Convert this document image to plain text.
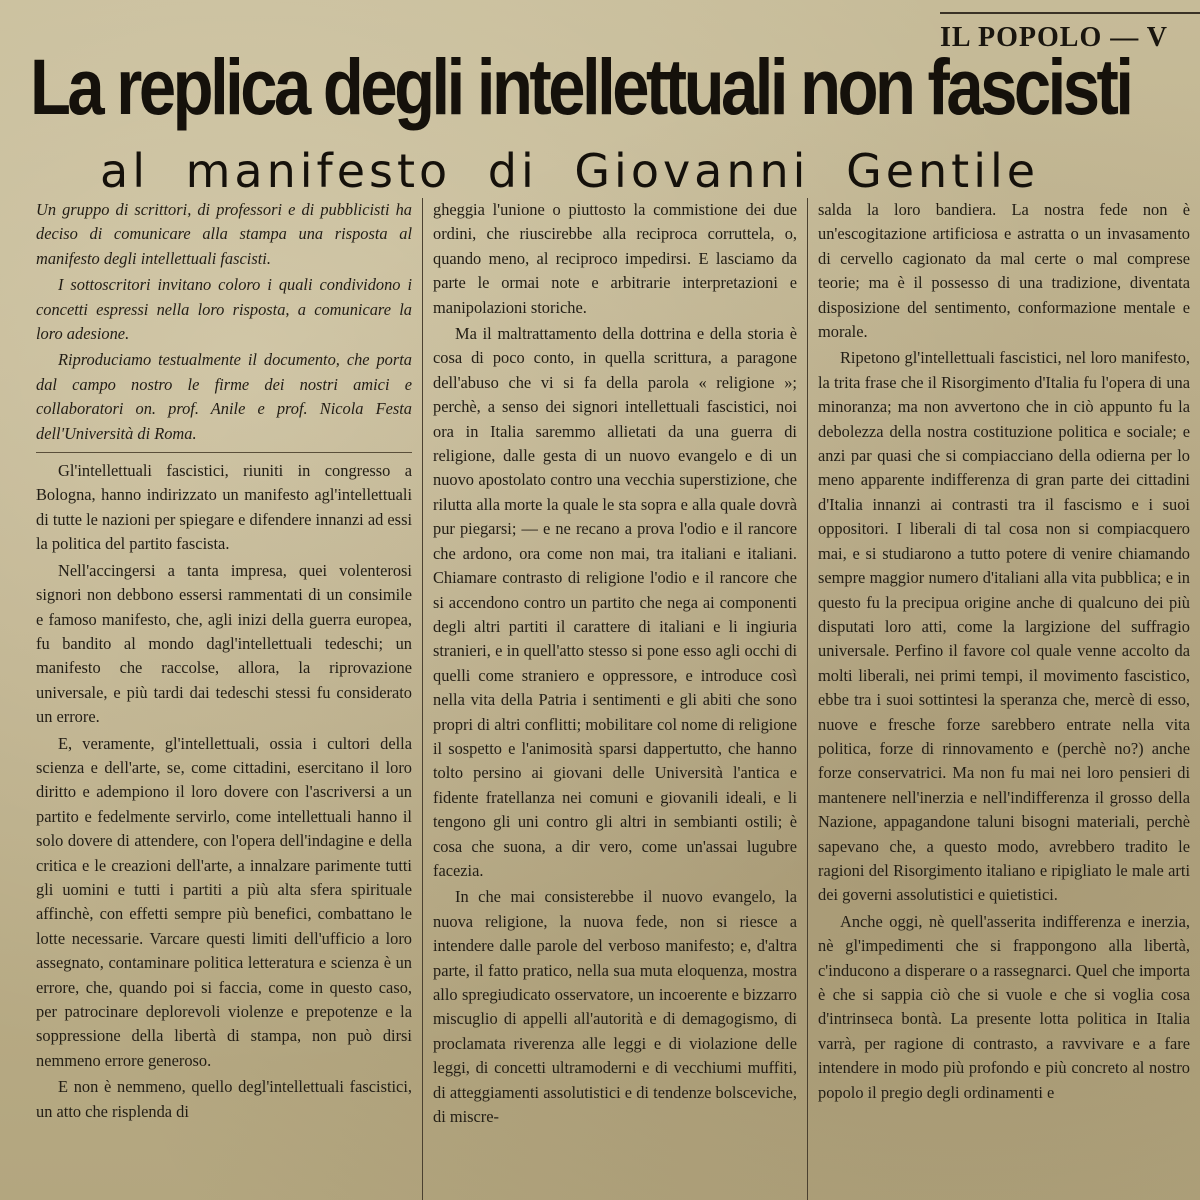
IL POPOLO — V
La replica degli intellettuali non fascisti
al manifesto di Giovanni Gentile

Un gruppo di scrittori, di professori e di pubblicisti ha deciso di comunicare alla stampa una risposta al manifesto degli intellettuali fascisti.

I sottoscritori invitano coloro i quali condividono i concetti espressi nella loro risposta, a comunicare la loro adesione.

Riproduciamo testualmente il documento, che porta dal campo nostro le firme dei nostri amici e collaboratori on. prof. Anile e prof. Nicola Festa dell'Università di Roma.

Gl'intellettuali fascistici, riuniti in congresso a Bologna, hanno indirizzato un manifesto agl'intellettuali di tutte le nazioni per spiegare e difendere innanzi ad essi la politica del partito fascista.

Nell'accingersi a tanta impresa, quei volenterosi signori non debbono essersi rammentati di un consimile e famoso manifesto, che, agli inizi della guerra europea, fu bandito al mondo dagl'intellettuali tedeschi; un manifesto che raccolse, allora, la riprovazione universale, e più tardi dai tedeschi stessi fu considerato un errore.

E, veramente, gl'intellettuali, ossia i cultori della scienza e dell'arte, se, come cittadini, esercitano il loro diritto e adempiono il loro dovere con l'ascriversi a un partito e fedelmente servirlo, come intellettuali hanno il solo dovere di attendere, con l'opera dell'indagine e della critica e le creazioni dell'arte, a innalzare parimente tutti gli uomini e tutti i partiti a più alta sfera spirituale affinchè, con effetti sempre più benefici, combattano le lotte necessarie. Varcare questi limiti dell'ufficio a loro assegnato, contaminare politica letteratura e scienza è un errore, che, quando poi si faccia, come in questo caso, per patrocinare deplorevoli violenze e prepotenze e la soppressione della libertà di stampa, non può dirsi nemmeno errore generoso.

E non è nemmeno, quello degl'intellettuali fascistici, un atto che risplenda di

gheggia l'unione o piuttosto la commistione dei due ordini, che riuscirebbe alla reciproca corruttela, o, quando meno, al reciproco impedirsi. E lasciamo da parte le ormai note e arbitrarie interpretazioni e manipolazioni storiche.

Ma il maltrattamento della dottrina e della storia è cosa di poco conto, in quella scrittura, a paragone dell'abuso che vi si fa della parola « religione »; perchè, a senso dei signori intellettuali fascistici, noi ora in Italia saremmo allietati da una guerra di religione, dalle gesta di un nuovo evangelo e di un nuovo apostolato contro una vecchia superstizione, che rilutta alla morte la quale le sta sopra e alla quale dovrà pur piegarsi; — e ne recano a prova l'odio e il rancore che ardono, ora come non mai, tra italiani e italiani. Chiamare contrasto di religione l'odio e il rancore che si accendono contro un partito che nega ai componenti degli altri partiti il carattere di italiani e li ingiuria stranieri, e in quell'atto stesso si pone esso agli occhi di quelli come straniero e oppressore, e introduce così nella vita della Patria i sentimenti e gli abiti che sono propri di altri conflitti; mobilitare col nome di religione il sospetto e l'animosità sparsi dappertutto, che hanno tolto persino ai giovani delle Università l'antica e fidente fratellanza nei comuni e giovanili ideali, e li tengono gli uni contro gli altri in sembianti ostili; è cosa che suona, a dir vero, come un'assai lugubre facezia.

In che mai consisterebbe il nuovo evangelo, la nuova religione, la nuova fede, non si riesce a intendere dalle parole del verboso manifesto; e, d'altra parte, il fatto pratico, nella sua muta eloquenza, mostra allo spregiudicato osservatore, un incoerente e bizzarro miscuglio di appelli all'autorità e di demagogismo, di proclamata riverenza alle leggi e di violazione delle leggi, di concetti ultramoderni e di vecchiumi muffiti, di atteggiamenti assolutistici e di tendenze bolsceviche, di miscre-

salda la loro bandiera. La nostra fede non è un'escogitazione artificiosa e astratta o un invasamento di cervello cagionato da mal certe o mal comprese teorie; ma è il possesso di una tradizione, diventata disposizione del sentimento, conformazione mentale e morale.

Ripetono gl'intellettuali fascistici, nel loro manifesto, la trita frase che il Risorgimento d'Italia fu l'opera di una minoranza; ma non avvertono che in ciò appunto fu la debolezza della nostra costituzione politica e sociale; e anzi par quasi che si compiacciano della odierna per lo meno apparente indifferenza di gran parte dei cittadini d'Italia innanzi ai contrasti tra il fascismo e i suoi oppositori. I liberali di tal cosa non si compiacquero mai, e si studiarono a tutto potere di venire chiamando sempre maggior numero d'italiani alla vita pubblica; e in questo fu la precipua origine anche di qualcuno dei più disputati loro atti, come la largizione del suffragio universale. Perfino il favore col quale venne accolto da molti liberali, nei primi tempi, il movimento fascistico, ebbe tra i suoi sottintesi la speranza che, mercè di esso, nuove e fresche forze sarebbero entrate nella vita politica, forze di rinnovamento e (perchè no?) anche forze conservatrici. Ma non fu mai nei loro pensieri di mantenere nell'inerzia e nell'indifferenza il grosso della Nazione, appagandone taluni bisogni materiali, perchè sapevano che, a questo modo, avrebbero tradito le ragioni del Risorgimento italiano e ripigliato le male arti dei governi assolutistici e quietistici.

Anche oggi, nè quell'asserita indifferenza e inerzia, nè gl'impedimenti che si frappongono alla libertà, c'inducono a disperare o a rassegnarci. Quel che importa è che si sappia ciò che si vuole e che si voglia cosa d'intrinseca bontà. La presente lotta politica in Italia varrà, per ragione di contrasto, a ravvivare e a fare intendere in modo più profondo e più concreto al nostro popolo il pregio degli ordinamenti e
